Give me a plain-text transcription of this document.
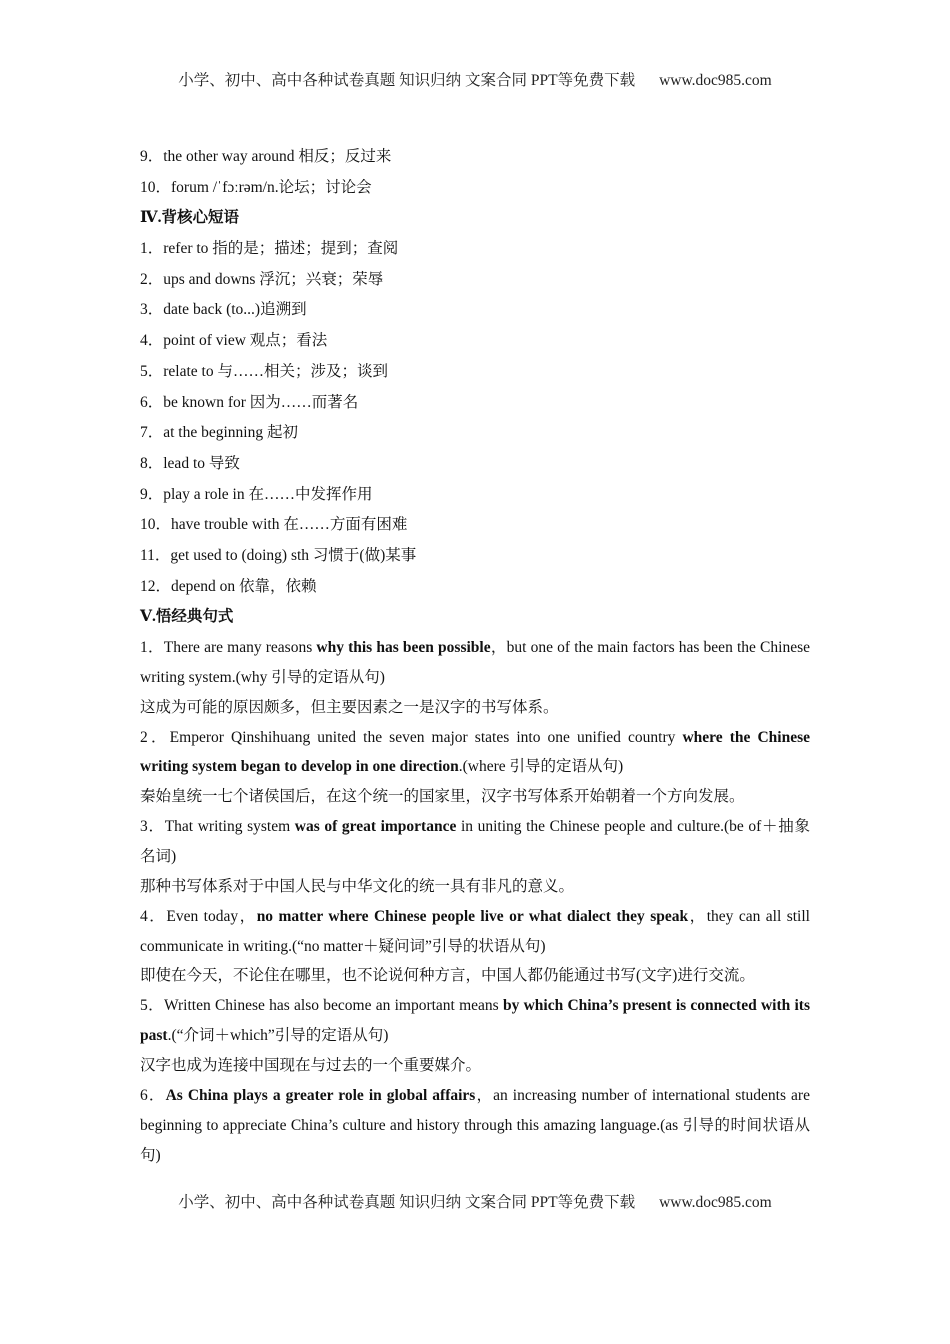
小学、初中、高中各种试卷真题 知识归纳 文案合同 PPT等免费下载 www.doc985.com
9．the other way around 相反；反过来
10．forum /ˈfɔːrəm/n.论坛；讨论会
Ⅳ.背核心短语
1．refer to 指的是；描述；提到；查阅
2．ups and downs 浮沉；兴衰；荣辱
3．date back (to...)追溯到
4．point of view 观点；看法
5．relate to 与……相关；涉及；谈到
6．be known for 因为……而著名
7．at the beginning 起初
8．lead to 导致
9．play a role in 在……中发挥作用
10．have trouble with 在……方面有困难
11．get used to (doing) sth 习惯于(做)某事
12．depend on 依靠，依赖
Ⅴ.悟经典句式
1．There are many reasons why this has been possible，but one of the main factors has been the Chinese writing system.(why 引导的定语从句)
这成为可能的原因颇多，但主要因素之一是汉字的书写体系。
2．Emperor Qinshihuang united the seven major states into one unified country where the Chinese writing system began to develop in one direction.(where 引导的定语从句)
秦始皇统一七个诸侯国后，在这个统一的国家里，汉字书写体系开始朝着一个方向发展。
3．That writing system was of great importance in uniting the Chinese people and culture.(be of＋抽象名词)
那种书写体系对于中国人民与中华文化的统一具有非凡的意义。
4．Even today，no matter where Chinese people live or what dialect they speak，they can all still communicate in writing.(“no matter＋疑问词”引导的状语从句)
即使在今天，不论住在哪里，也不论说何种方言，中国人都仍能通过书写(文字)进行交流。
5．Written Chinese has also become an important means by which China’s present is connected with its past.(“介词＋which”引导的定语从句)
汉字也成为连接中国现在与过去的一个重要媒介。
6．As China plays a greater role in global affairs，an increasing number of international students are beginning to appreciate China’s culture and history through this amazing language.(as 引导的时间状语从句)
小学、初中、高中各种试卷真题 知识归纳 文案合同 PPT等免费下载 www.doc985.com
